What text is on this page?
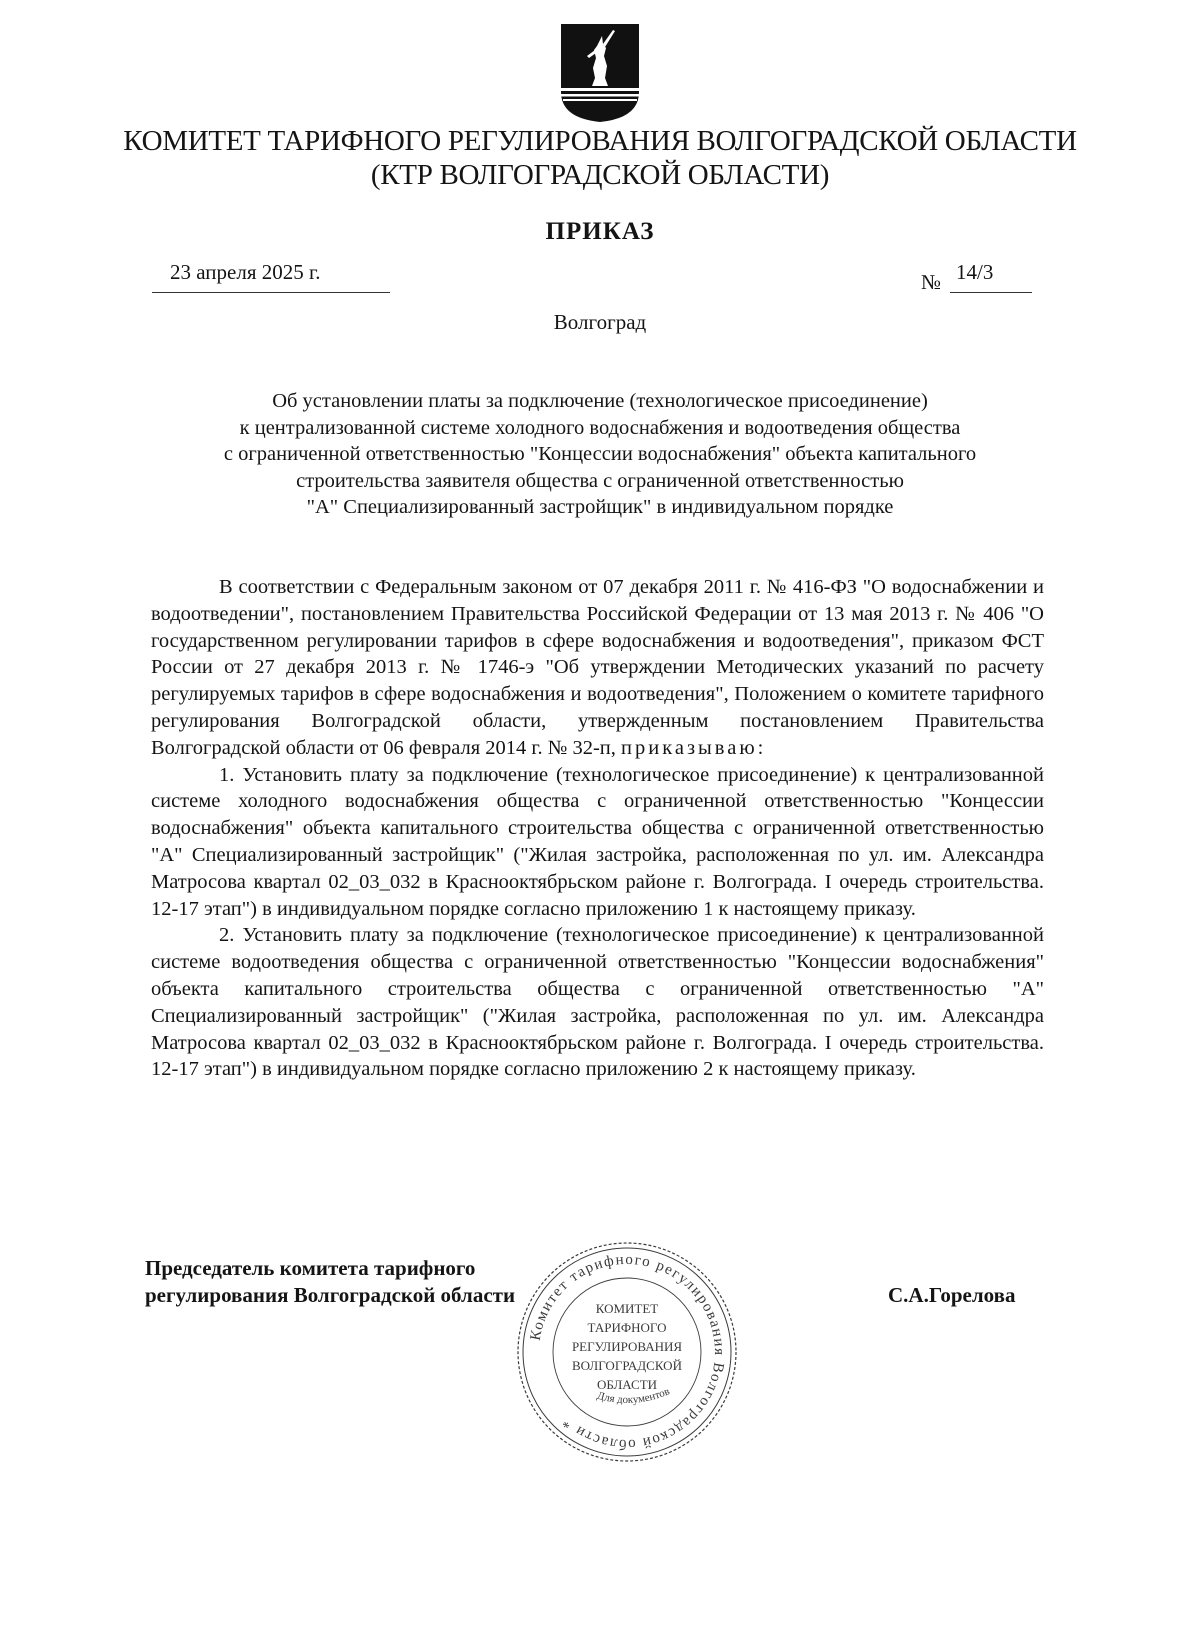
КОМИТЕТ ТАРИФНОГО РЕГУЛИРОВАНИЯ ВОЛГОГРАДСКОЙ ОБЛАСТИ
(КТР ВОЛГОГРАДСКОЙ ОБЛАСТИ)
ПРИКАЗ
23 апреля 2025 г.	№ 14/3
Волгоград
Об установлении платы за подключение (технологическое присоединение)
к централизованной системе холодного водоснабжения и водоотведения общества
с ограниченной ответственностью "Концессии водоснабжения" объекта капитального
строительства заявителя общества с ограниченной ответственностью
"А" Специализированный застройщик" в индивидуальном порядке

В соответствии с Федеральным законом от 07 декабря 2011 г. № 416-ФЗ "О водоснабжении и водоотведении", постановлением Правительства Российской Федерации от 13 мая 2013 г. № 406 "О государственном регулировании тарифов в сфере водоснабжения и водоотведения", приказом ФСТ России от 27 декабря 2013 г. № 1746-э "Об утверждении Методических указаний по расчету регулируемых тарифов в сфере водоснабжения и водоотведения", Положением о комитете тарифного регулирования Волгоградской области, утвержденным постановлением Правительства Волгоградской области от 06 февраля 2014 г. № 32-п, приказываю:

1. Установить плату за подключение (технологическое присоединение) к централизованной системе холодного водоснабжения общества с ограниченной ответственностью "Концессии водоснабжения" объекта капитального строительства общества с ограниченной ответственностью "А" Специализированный застройщик" ("Жилая застройка, расположенная по ул. им. Александра Матросова квартал 02_03_032 в Краснооктябрьском районе г. Волгограда. I очередь строительства. 12-17 этап") в индивидуальном порядке согласно приложению 1 к настоящему приказу.

2. Установить плату за подключение (технологическое присоединение) к централизованной системе водоотведения общества с ограниченной ответственностью "Концессии водоснабжения" объекта капитального строительства общества с ограниченной ответственностью "А" Специализированный застройщик" ("Жилая застройка, расположенная по ул. им. Александра Матросова квартал 02_03_032 в Краснооктябрьском районе г. Волгограда. I очередь строительства. 12-17 этап") в индивидуальном порядке согласно приложению 2 к настоящему приказу.

Председатель комитета тарифного
регулирования Волгоградской области	С.А.Горелова
Комитет тарифного регулирования Волгоградской области *
КОМИТЕТ
ТАРИФНОГО
РЕГУЛИРОВАНИЯ
ВОЛГОГРАДСКОЙ
ОБЛАСТИ
Для документов
